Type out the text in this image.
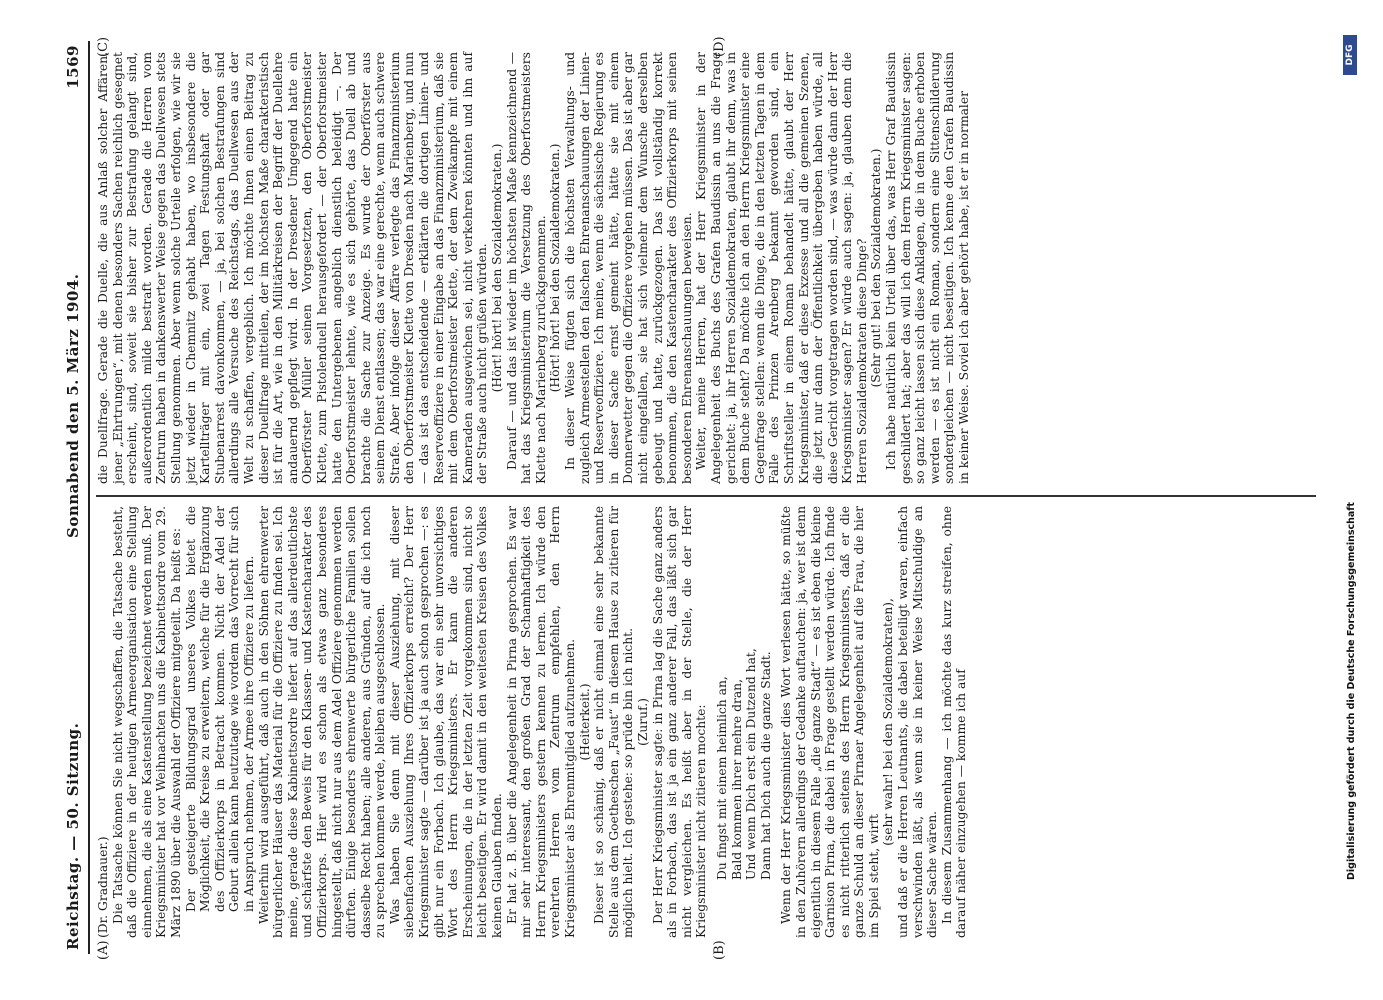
Reichstag. — 50. Sitzung.
Sonnabend den 5. März 1904.
1569
(A)	(B)
(C)	(D)

(Dr. Gradnauer.) Die Tatsache können Sie nicht wegschaffen, die Tatsache besteht, daß die Offiziere in der heutigen Armeeorganisation eine Stellung einnehmen, die als eine Kastenstellung bezeichnet werden muß. Der Kriegsminister hat vor Weihnachten uns die Kabinettsordre vom 29. März 1890 über die Auswahl der Offiziere mitgeteilt. Da heißt es: Der gesteigerte Bildungsgrad unseres Volkes bietet die Möglichkeit, die Kreise zu erweitern, welche für die Ergänzung des Offizierkorps in Betracht kommen. Nicht der Adel der Geburt allein kann heutzutage wie vordem das Vorrecht für sich in Anspruch nehmen, der Armee ihre Offiziere zu liefern. Weiterhin wird ausgeführt, daß auch in den Söhnen ehrenwerter bürgerlicher Häuser das Material für die Offiziere zu finden sei. Ich meine, gerade diese Kabinettsordre liefert auf das allerdeutlichste und schärfste den Beweis für den Klassen- und Kastencharakter des Offizierkorps. Hier wird es schon als etwas ganz besonderes hingestellt, daß nicht nur aus dem Adel Offiziere genommen werden dürften. Einige besonders ehrenwerte bürgerliche Familien sollen dasselbe Recht haben; alle anderen, aus Gründen, auf die ich noch zu sprechen kommen werde, bleiben ausgeschlossen. Was haben Sie denn mit dieser Ausziehung, mit dieser siebenfachen Ausziehung Ihres Offizierkorps erreicht? Der Herr Kriegsminister sagte — darüber ist ja auch schon gesprochen —: es gibt nur ein Forbach. Ich glaube, das war ein sehr unvorsichtiges Wort des Herrn Kriegsministers. Er kann die anderen Erscheinungen, die in der letzten Zeit vorgekommen sind, nicht so leicht beseitigen. Er wird damit in den weitesten Kreisen des Volkes keinen Glauben finden. Er hat z. B. über die Angelegenheit in Pirna gesprochen. Es war mir sehr interessant, den großen Grad der Schamhaftigkeit des Herrn Kriegsministers gestern kennen zu lernen. Ich würde den verehrten Herren vom Zentrum empfehlen, den Herrn Kriegsminister als Ehrenmitglied aufzunehmen. (Heiterkeit.) Dieser ist so schämig, daß er nicht einmal eine sehr bekannte Stelle aus dem Goetheschen „Faust“ in diesem Hause zu zitieren für möglich hielt. Ich gestehe: so prüde bin ich nicht. (Zuruf.) Der Herr Kriegsminister sagte: in Pirna lag die Sache ganz anders als in Forbach, das ist ja ein ganz anderer Fall, das läßt sich gar nicht vergleichen. Es heißt aber in der Stelle, die der Herr Kriegsminister nicht zitieren mochte: Du fingst mit einem heimlich an, Bald kommen ihrer mehre dran, Und wenn Dich erst ein Dutzend hat, Dann hat Dich auch die ganze Stadt. Wenn der Herr Kriegsminister dies Wort verlesen hätte, so müßte in den Zuhörern allerdings der Gedanke auftauchen: ja, wer ist denn eigentlich in diesem Falle „die ganze Stadt“ — es ist eben die kleine Garnison Pirna, die dabei in Frage gestellt werden würde. Ich finde es nicht ritterlich seitens des Herrn Kriegsministers, daß er die ganze Schuld an dieser Pirnaer Angelegenheit auf die Frau, die hier im Spiel steht, wirft

(sehr wahr! bei den Sozialdemokraten), und daß er die Herren Leutnants, die dabei beteiligt waren, einfach verschwinden läßt, als wenn sie in keiner Weise Mitschuldige an dieser Sache wären. In diesem Zusammenhang — ich möchte das kurz streifen, ohne darauf näher einzugehen — komme ich auf

die Duellfrage. Gerade die Duelle, die aus Anlaß solcher Affären, jener „Ehrtrungen“, mit denen besonders Sachen reichlich gesegnet erscheint, sind, soweit sie bisher zur Bestrafung gelangt sind, außerordentlich milde bestraft worden. Gerade die Herren vom Zentrum haben in dankenswerter Weise gegen das Duellwesen stets Stellung genommen. Aber wenn solche Urteile erfolgen, wie wir sie jetzt wieder in Chemnitz gehabt haben, wo insbesondere die Kartellträger mit ein, zwei Tagen Festungshaft oder gar Stubenarrest davonkommen, — ja, bei solchen Bestrafungen sind allerdings alle Versuche des Reichstags, das Duellwesen aus der Welt zu schaffen, vergeblich. Ich möchte Ihnen einen Beitrag zu dieser Duellfrage mitteilen, der im höchsten Maße charakteristisch ist für die Art, wie in den Militärkreisen der Begriff der Duellehre andauernd gepflegt wird. In der Dresdener Umgegend hatte ein Oberförster Müller seinen Vorgesetzten, den Oberforstmeister Klette, zum Pistolenduell herausgefordert — der Oberforstmeister hatte den Untergebenen angeblich dienstlich beleidigt —. Der Oberforstmeister lehnte, wie es sich gehörte, das Duell ab und brachte die Sache zur Anzeige. Es wurde der Oberförster aus seinem Dienst entlassen; das war eine gerechte, wenn auch schwere Strafe. Aber infolge dieser Affäre verlegte das Finanzministerium den Oberforstmeister Klette von Dresden nach Marienberg, und nun — das ist das entscheidende — erklärten die dortigen Linien- und Reserveoffiziere in einer Eingabe an das Finanzministerium, daß sie mit dem Oberforstmeister Klette, der dem Zweikampfe mit einem Kameraden ausgewichen sei, nicht verkehren könnten und ihn auf der Straße auch nicht grüßen würden. (Hört! hört! bei den Sozialdemokraten.) Darauf — und das ist wieder im höchsten Maße kennzeichnend — hat das Kriegsministerium die Versetzung des Oberforstmeisters Klette nach Marienberg zurückgenommen. (Hört! hört! bei den Sozialdemokraten.) In dieser Weise fügten sich die höchsten Verwaltungs- und zugleich Armeestellen den falschen Ehrenanschauungen der Linien- und Reserveoffiziere. Ich meine, wenn die sächsische Regierung es in dieser Sache ernst gemeint hätte, hätte sie mit einem Donnerwetter gegen die Offiziere vorgehen müssen. Das ist aber gar nicht eingefallen, sie hat sich vielmehr dem Wunsche derselben gebeugt und hatte, zurückgezogen. Das ist vollständig korrekt benommen, die den Kastencharakter des Offizierkorps mit seinen besonderen Ehrenanschauungen beweisen. Weiter, meine Herren, hat der Herr Kriegsminister in der Angelegenheit des Buchs des Grafen Baudissin an uns die Frage gerichtet: ja, ihr Herren Sozialdemokraten, glaubt ihr denn, was in dem Buche steht? Da möchte ich an den Herrn Kriegsminister eine Gegenfrage stellen: wenn die Dinge, die in den letzten Tagen in dem Falle des Prinzen Arenberg bekannt geworden sind, ein Schriftsteller in einem Roman behandelt hätte, glaubt der Herr Kriegsminister, daß er diese Exzesse und all die gemeinen Szenen, die jetzt nur dann der Öffentlichkeit übergeben haben würde, all diese Gericht vorgetragen worden sind, — was würde dann der Herr Kriegsminister sagen? Er würde auch sagen: ja, glauben denn die Herren Sozialdemokraten diese Dinge? (Sehr gut! bei den Sozialdemokraten.) Ich habe natürlich kein Urteil über das, was Herr Graf Baudissin geschildert hat; aber das will ich dem Herrn Kriegsminister sagen: so ganz leicht lassen sich diese Anklagen, die in dem Buche erhoben werden — es ist nicht ein Roman, sondern eine Sittenschilderung sondergleichen — nicht beseitigen. Ich kenne den Grafen Baudissin in keiner Weise. Soviel ich aber gehört habe, ist er in normaler

Digitalisierung gefördert durch die Deutsche Forschungsgemeinschaft
DFG
